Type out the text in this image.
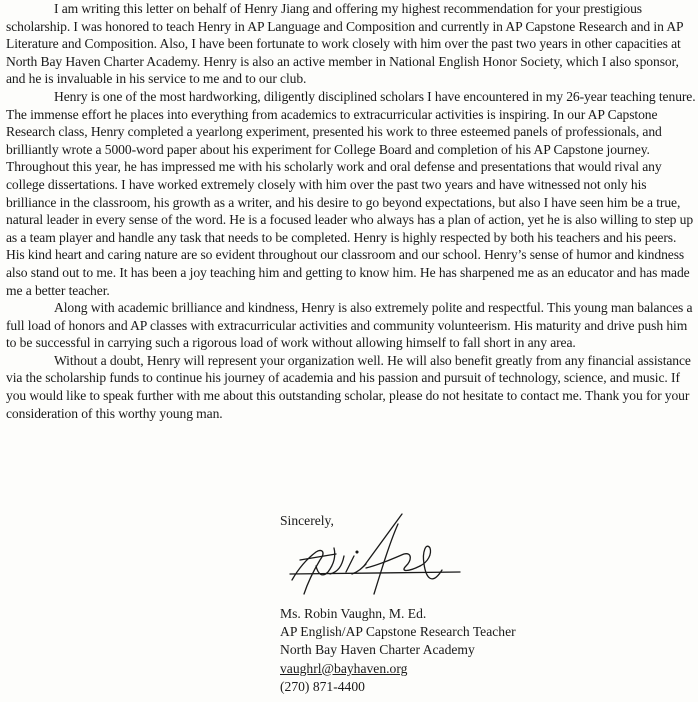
I am writing this letter on behalf of Henry Jiang and offering my highest recommendation for your prestigious scholarship. I was honored to teach Henry in AP Language and Composition and currently in AP Capstone Research and in AP Literature and Composition. Also, I have been fortunate to work closely with him over the past two years in other capacities at North Bay Haven Charter Academy. Henry is also an active member in National English Honor Society, which I also sponsor, and he is invaluable in his service to me and to our club.

Henry is one of the most hardworking, diligently disciplined scholars I have encountered in my 26-year teaching tenure. The immense effort he places into everything from academics to extracurricular activities is inspiring. In our AP Capstone Research class, Henry completed a yearlong experiment, presented his work to three esteemed panels of professionals, and brilliantly wrote a 5000-word paper about his experiment for College Board and completion of his AP Capstone journey. Throughout this year, he has impressed me with his scholarly work and oral defense and presentations that would rival any college dissertations. I have worked extremely closely with him over the past two years and have witnessed not only his brilliance in the classroom, his growth as a writer, and his desire to go beyond expectations, but also I have seen him be a true, natural leader in every sense of the word. He is a focused leader who always has a plan of action, yet he is also willing to step up as a team player and handle any task that needs to be completed. Henry is highly respected by both his teachers and his peers. His kind heart and caring nature are so evident throughout our classroom and our school. Henry’s sense of humor and kindness also stand out to me. It has been a joy teaching him and getting to know him. He has sharpened me as an educator and has made me a better teacher.

Along with academic brilliance and kindness, Henry is also extremely polite and respectful. This young man balances a full load of honors and AP classes with extracurricular activities and community volunteerism. His maturity and drive push him to be successful in carrying such a rigorous load of work without allowing himself to fall short in any area.

Without a doubt, Henry will represent your organization well. He will also benefit greatly from any financial assistance via the scholarship funds to continue his journey of academia and his passion and pursuit of technology, science, and music. If you would like to speak further with me about this outstanding scholar, please do not hesitate to contact me. Thank you for your consideration of this worthy young man.

Sincerely,
Ms. Robin Vaughn, M. Ed.
AP English/AP Capstone Research Teacher
North Bay Haven Charter Academy
vaughrl@bayhaven.org
(270) 871-4400
